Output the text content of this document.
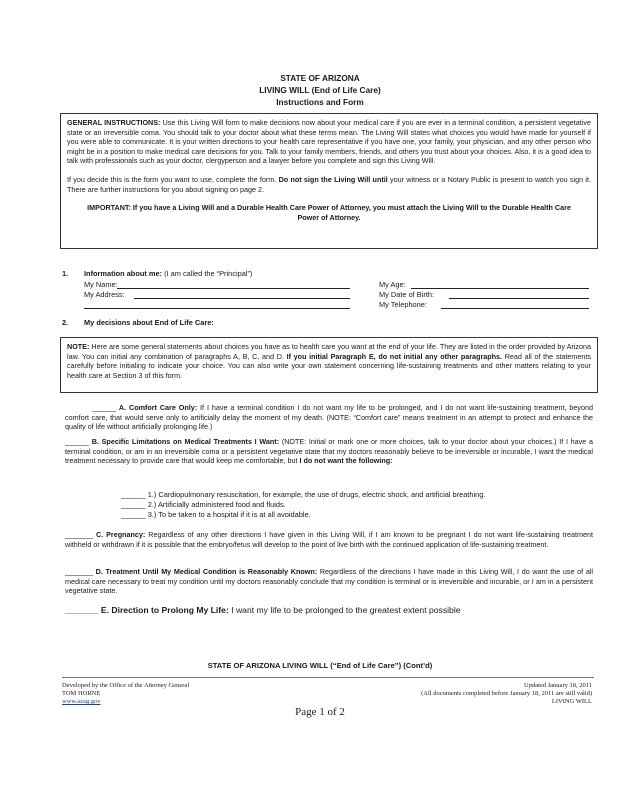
STATE OF ARIZONA
LIVING WILL (End of Life Care)
Instructions and Form

GENERAL INSTRUCTIONS: Use this Living Will form to make decisions now about your medical care if you are ever in a terminal condition, a persistent vegetative state or an irreversible coma. You should talk to your doctor about what these terms mean. The Living Will states what choices you would have made for yourself if you were able to communicate. It is your written directions to your health care representative if you have one, your family, your physician, and any other person who might be in a position to make medical care decisions for you. Talk to your family members, friends, and others you trust about your choices. Also, it is a good idea to talk with professionals such as your doctor, clergyperson and a lawyer before you complete and sign this Living Will.

If you decide this is the form you want to use, complete the form. Do not sign the Living Will until your witness or a Notary Public is present to watch you sign it. There are further instructions for you about signing on page 2.

IMPORTANT: If you have a Living Will and a Durable Health Care Power of Attorney, you must attach the Living Will to the Durable Health Care Power of Attorney.

1. Information about me: (I am called the “Principal”)
My Name:
My Address:
My Age:
My Date of Birth:
My Telephone:
2. My decisions about End of Life Care:

NOTE: Here are some general statements about choices you have as to health care you want at the end of your life. They are listed in the order provided by Arizona law. You can initial any combination of paragraphs A, B, C, and D. If you initial Paragraph E, do not initial any other paragraphs. Read all of the statements carefully before initialing to indicate your choice. You can also write your own statement concerning life-sustaining treatments and other matters relating to your health care at Section 3 of this form.

______ A. Comfort Care Only: If I have a terminal condition I do not want my life to be prolonged, and I do not want life-sustaining treatment, beyond comfort care, that would serve only to artificially delay the moment of my death. (NOTE: “Comfort care” means treatment in an attempt to protect and enhance the quality of life without artificially prolonging life.)
______ B. Specific Limitations on Medical Treatments I Want: (NOTE: Initial or mark one or more choices, talk to your doctor about your choices.) If I have a terminal condition, or am in an irreversible coma or a persistent vegetative state that my doctors reasonably believe to be irreversible or incurable, I want the medical treatment necessary to provide care that would keep me comfortable, but I do not want the following:
______ 1.) Cardiopulmonary resuscitation, for example, the use of drugs, electric shock, and artificial breathing.
______ 2.) Artificially administered food and fluids.
______ 3.) To be taken to a hospital if it is at all avoidable.
_______ C. Pregnancy: Regardless of any other directions I have given in this Living Will, if I am known to be pregnant I do not want life-sustaining treatment withheld or withdrawn if it is possible that the embryo/fetus will develop to the point of live birth with the continued application of life-sustaining treatment.
_______ D. Treatment Until My Medical Condition is Reasonably Known: Regardless of the directions I have made in this Living Will, I do want the use of all medical care necessary to treat my condition until my doctors reasonably conclude that my condition is terminal or is irreversible and incurable, or I am in a persistent vegetative state.
_______ E. Direction to Prolong My Life: I want my life to be prolonged to the greatest extent possible
STATE OF ARIZONA LIVING WILL (“End of Life Care”) (Cont’d)
Developed by the Office of the Attorney General
TOM HORNE
www.azag.gov
Updated January 18, 2011
(All documents completed before January 18, 2011 are still valid)
LIVING WILL
Page 1 of 2
